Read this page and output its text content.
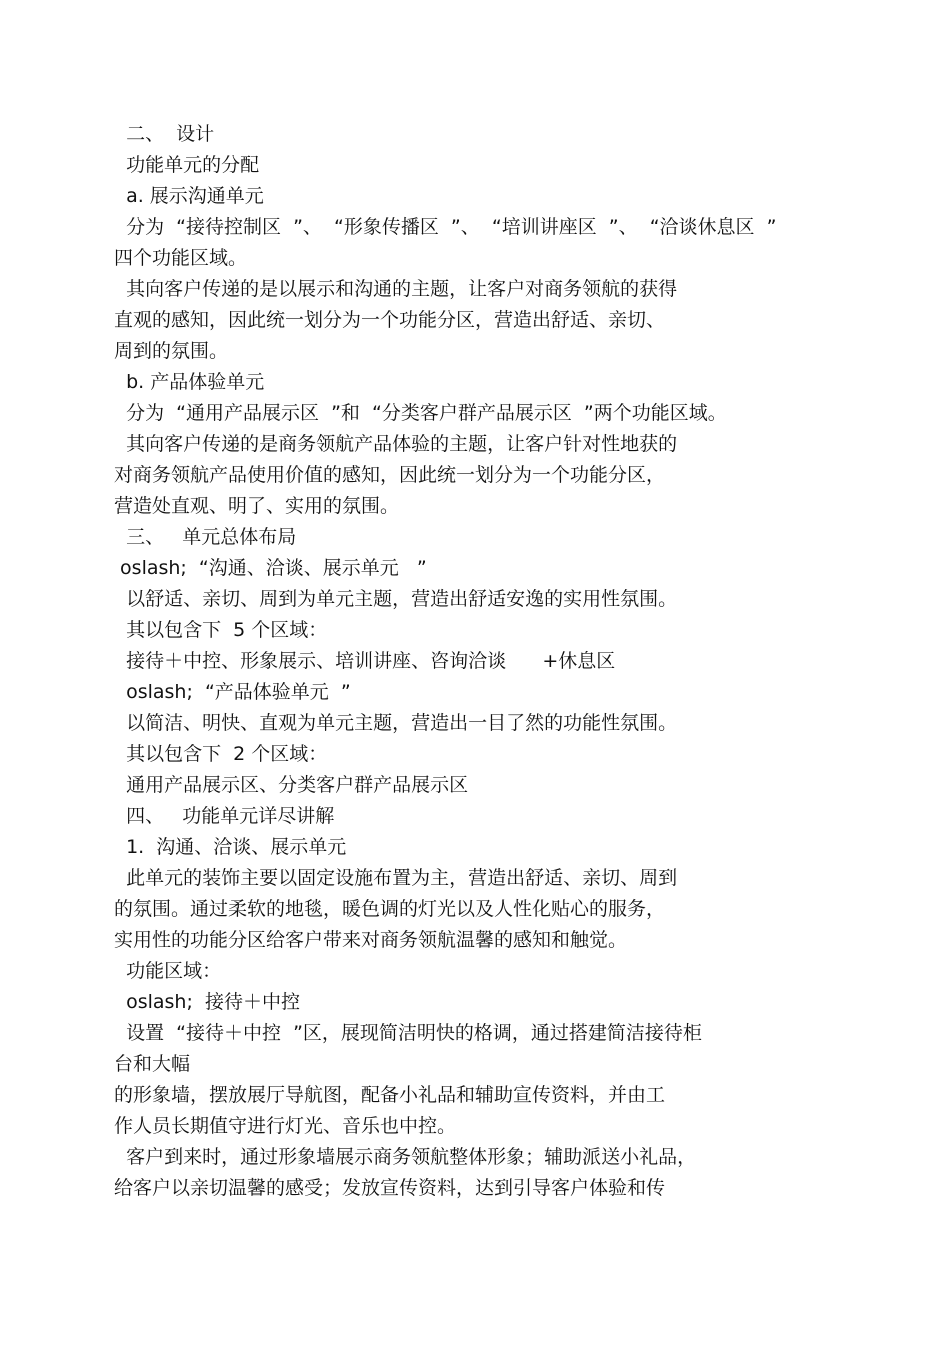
二、  设计
功能单元的分配
a. 展示沟通单元
分为  “接待控制区  ”、  “形象传播区  ”、  “培训讲座区  ”、  “洽谈休息区  ”
四个功能区域。
其向客户传递的是以展示和沟通的主题，让客户对商务领航的获得
直观的感知，因此统一划分为一个功能分区，营造出舒适、亲切、
周到的氛围。
b. 产品体验单元
分为  “通用产品展示区  ”和  “分类客户群产品展示区  ”两个功能区域。
其向客户传递的是商务领航产品体验的主题，让客户针对性地获的
对商务领航产品使用价值的感知，因此统一划分为一个功能分区，
营造处直观、明了、实用的氛围。
三、   单元总体布局
oslash;  “沟通、洽谈、展示单元   ”
以舒适、亲切、周到为单元主题，营造出舒适安逸的实用性氛围。
其以包含下  5 个区域：
接待＋中控、形象展示、培训讲座、咨询洽谈      +休息区
oslash;  “产品体验单元  ”
以简洁、明快、直观为单元主题，营造出一目了然的功能性氛围。
其以包含下  2 个区域：
通用产品展示区、分类客户群产品展示区
四、   功能单元详尽讲解
1.  沟通、洽谈、展示单元
此单元的装饰主要以固定设施布置为主，营造出舒适、亲切、周到
的氛围。通过柔软的地毯，暖色调的灯光以及人性化贴心的服务，
实用性的功能分区给客户带来对商务领航温馨的感知和触觉。
功能区域：
oslash;  接待＋中控
设置  “接待＋中控  ”区，展现简洁明快的格调，通过搭建简洁接待柜
台和大幅
的形象墙，摆放展厅导航图，配备小礼品和辅助宣传资料，并由工
作人员长期值守进行灯光、音乐也中控。
客户到来时，通过形象墙展示商务领航整体形象；辅助派送小礼品，
给客户以亲切温馨的感受；发放宣传资料，达到引导客户体验和传
